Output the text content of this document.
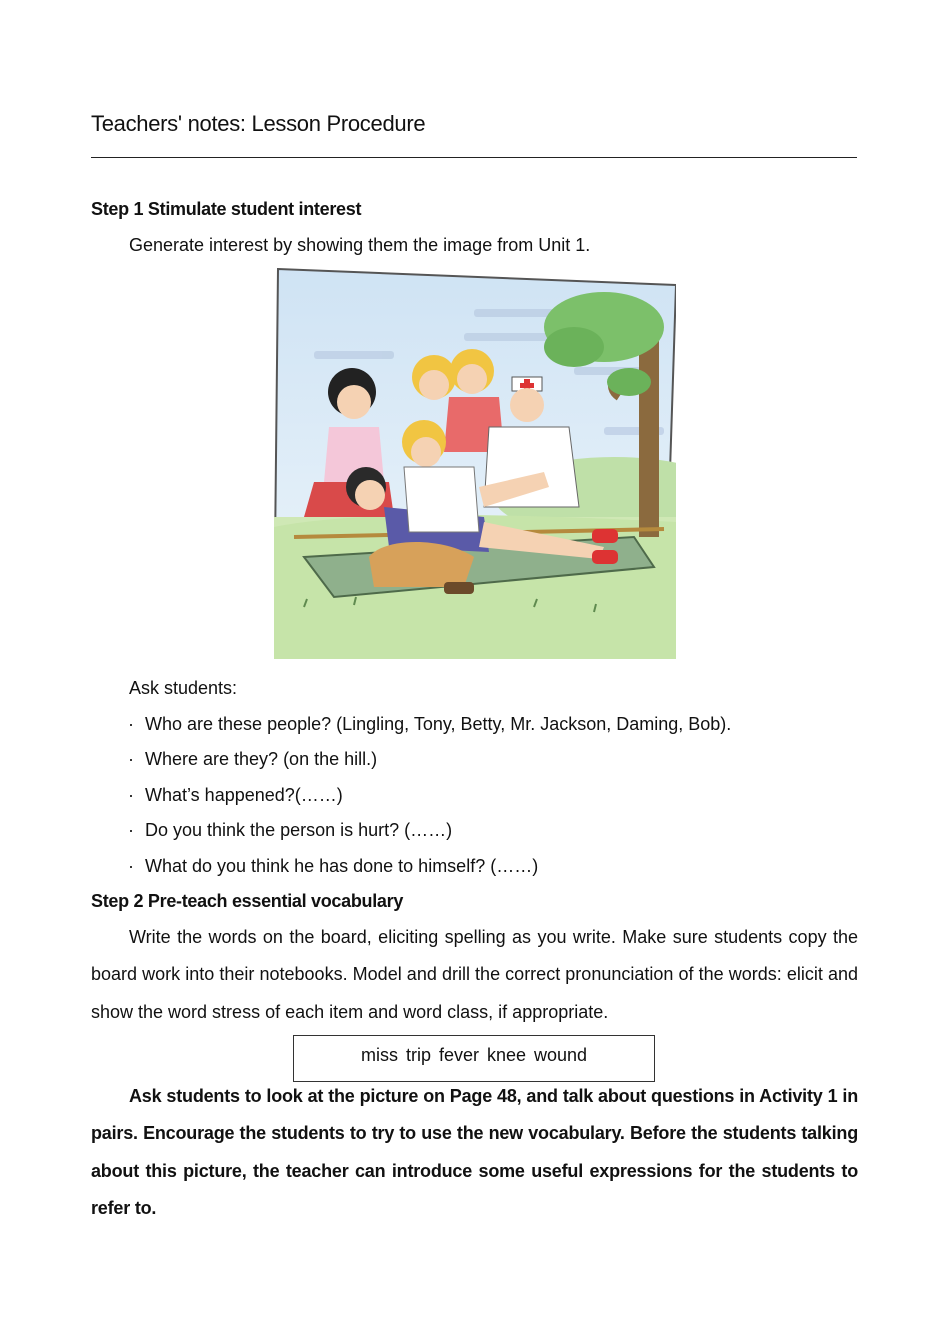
Teachers' notes: Lesson Procedure
Step 1 Stimulate student interest
Generate interest by showing them the image from Unit 1.
Ask students:
· Who are these people? (Lingling, Tony, Betty, Mr. Jackson, Daming, Bob).
· Where are they? (on the hill.)
· What’s happened?(……)
· Do you think the person is hurt? (……)
· What do you think he has done to himself? (……)
Step 2 Pre-teach essential vocabulary
Write the words on the board, eliciting spelling as you write. Make sure students copy the board work into their notebooks. Model and drill the correct pronunciation of the words: elicit and show the word stress of each item and word class, if appropriate.
miss trip fever knee wound
Ask students to look at the picture on Page 48, and talk about questions in Activity 1 in pairs. Encourage the students to try to use the new vocabulary. Before the students talking about this picture, the teacher can introduce some useful expressions for the students to refer to.
